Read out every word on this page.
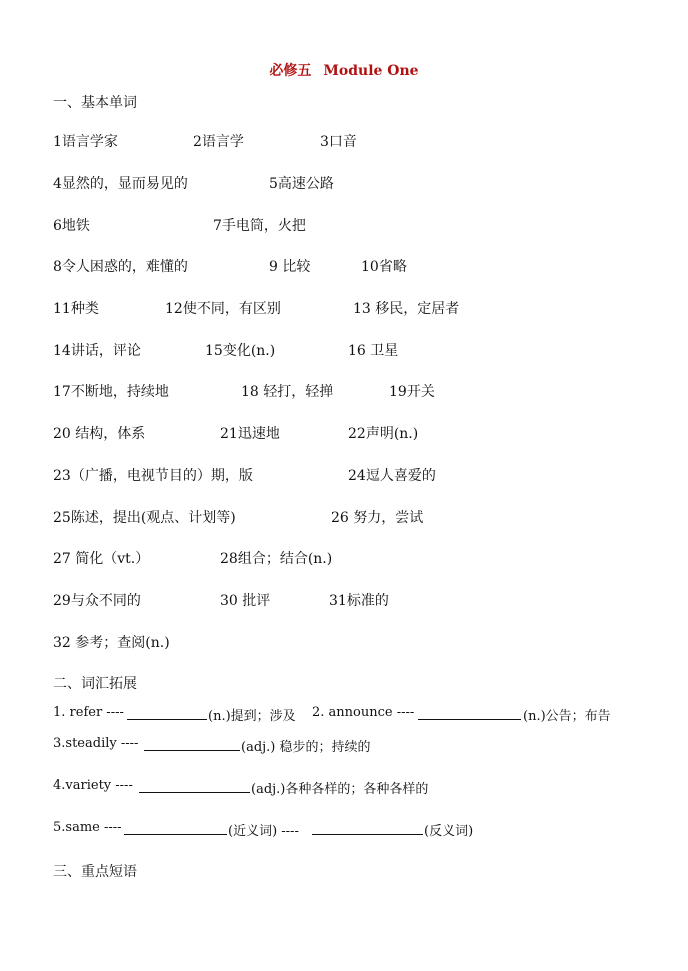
必修五 Module One
一、基本单词
1语言学家	2语言学	3口音
4显然的，显而易见的	5高速公路
6地铁	7手电筒，火把
8令人困惑的，难懂的	9 比较	10省略
11种类	12使不同，有区别	13 移民，定居者
14讲话，评论	15变化(n.)	16 卫星
17不断地，持续地	18 轻打，轻掸	19开关
20 结构，体系	21迅速地	22声明(n.)
23（广播，电视节目的）期，版	24逗人喜爱的
25陈述，提出(观点、计划等)	26 努力，尝试
27 简化（vt.）	28组合；结合(n.)
29与众不同的	30 批评	31标准的
32 参考；查阅(n.)
二、词汇拓展
1. refer ----	(n.)提到；涉及 2. announce ----	(n.)公告；布告
3.steadily ----	(adj.) 稳步的；持续的
4.variety ----	(adj.)各种各样的；各种各样的
5.same ----	(近义词) ----	(反义词)
三、重点短语
